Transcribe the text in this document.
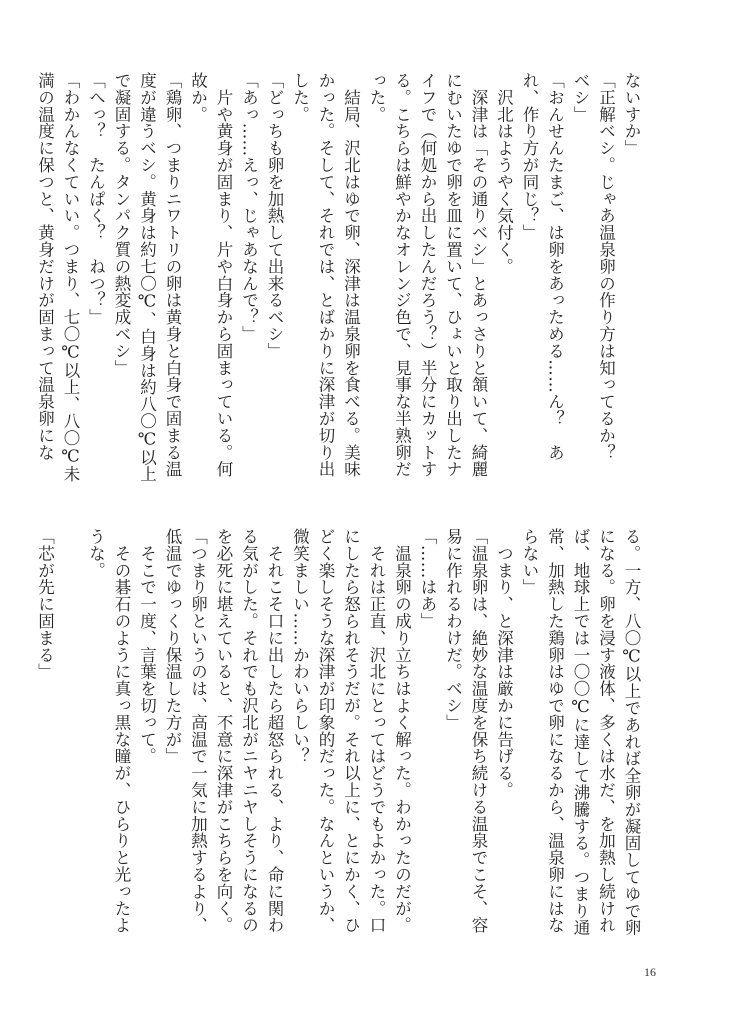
ないすか」
「正解ベシ。じゃあ温泉卵の作り方は知ってるか？
ベシ」
「おんせんたまご、は卵をあっためる……ん？　あ
れ、作り方が同じ？」
　沢北はようやく気付く。
　深津は「その通りベシ」とあっさりと頷いて、綺麗
にむいたゆで卵を皿に置いて、ひょいと取り出したナ
イフで（何処から出したんだろう？）半分にカットす
る。こちらは鮮やかなオレンジ色で、見事な半熟卵だ
った。
　結局、沢北はゆで卵、深津は温泉卵を食べる。美味
かった。そして、それでは、とばかりに深津が切り出
した。
「どっちも卵を加熱して出来るベシ」
「あっ……えっ、じゃあなんで？」
　片や黄身が固まり、片や白身から固まっている。何
故か。
「鶏卵、つまりニワトリの卵は黄身と白身で固まる温
度が違うベシ。黄身は約七〇℃、白身は約八〇℃以上
で凝固する。タンパク質の熱変成ベシ」
「へっ？　たんぱく？　ねつ？」
「わかんなくていい。つまり、七〇℃以上、八〇℃未
満の温度に保つと、黄身だけが固まって温泉卵にな
る。一方、八〇℃以上であれば全卵が凝固してゆで卵
になる。卵を浸す液体、多くは水だ、を加熱し続けれ
ば、地球上では一〇〇℃に達して沸騰する。つまり通
常、加熱した鶏卵はゆで卵になるから、温泉卵にはな
らない」
　つまり、と深津は厳かに告げる。
「温泉卵は、絶妙な温度を保ち続ける温泉でこそ、容
易に作れるわけだ。ベシ」
「……はあ」
　温泉卵の成り立ちはよく解った。わかったのだが。
　それは正直、沢北にとってはどうでもよかった。口
にしたら怒られそうだが。それ以上に、とにかく、ひ
どく楽しそうな深津が印象的だった。なんというか、
微笑ましい……かわいらしい？
　それこそ口に出したら超怒られる、より、命に関わ
る気がした。それでも沢北がニヤニヤしそうになるの
を必死に堪えていると、不意に深津がこちらを向く。
「つまり卵というのは、高温で一気に加熱するより、
低温でゆっくり保温した方が」
　そこで一度、言葉を切って。
　その碁石のように真っ黒な瞳が、ひらりと光ったよ
うな。

「芯が先に固まる」
16
